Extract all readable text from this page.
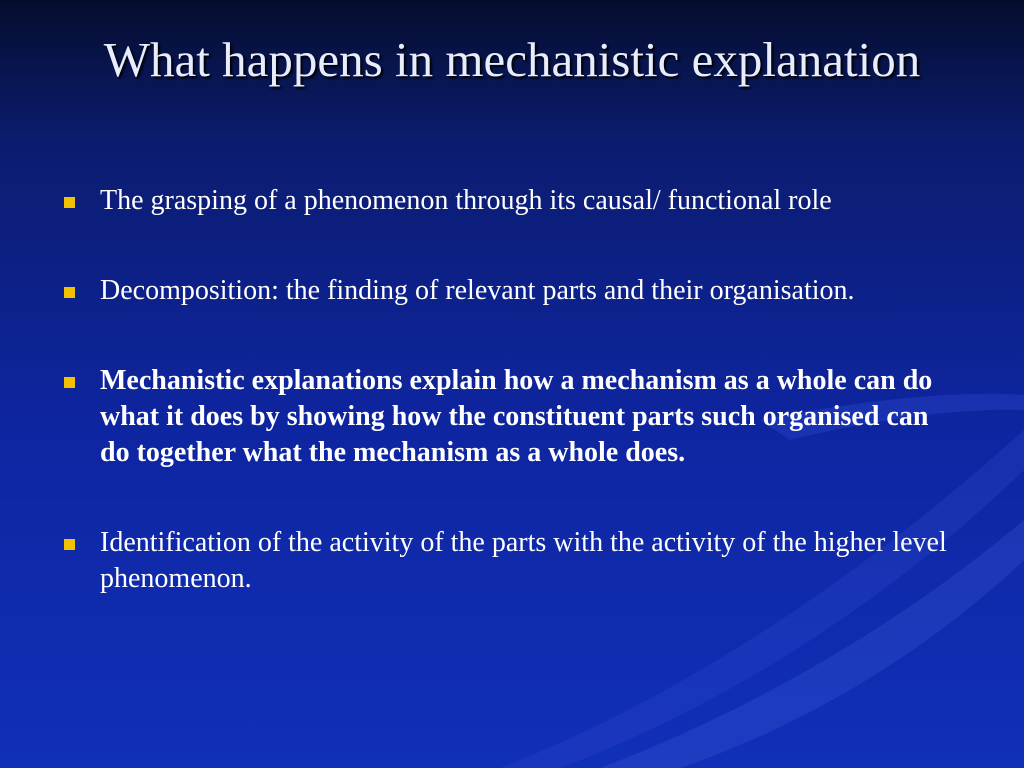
What happens in mechanistic explanation
The grasping of a phenomenon through its causal/ functional role
Decomposition: the finding of relevant parts and their organisation.
Mechanistic explanations explain how a mechanism as a whole can do what it does by showing how the constituent parts such organised can do together what the mechanism as a whole does.
Identification of the activity of the parts with the activity of the higher level phenomenon.
